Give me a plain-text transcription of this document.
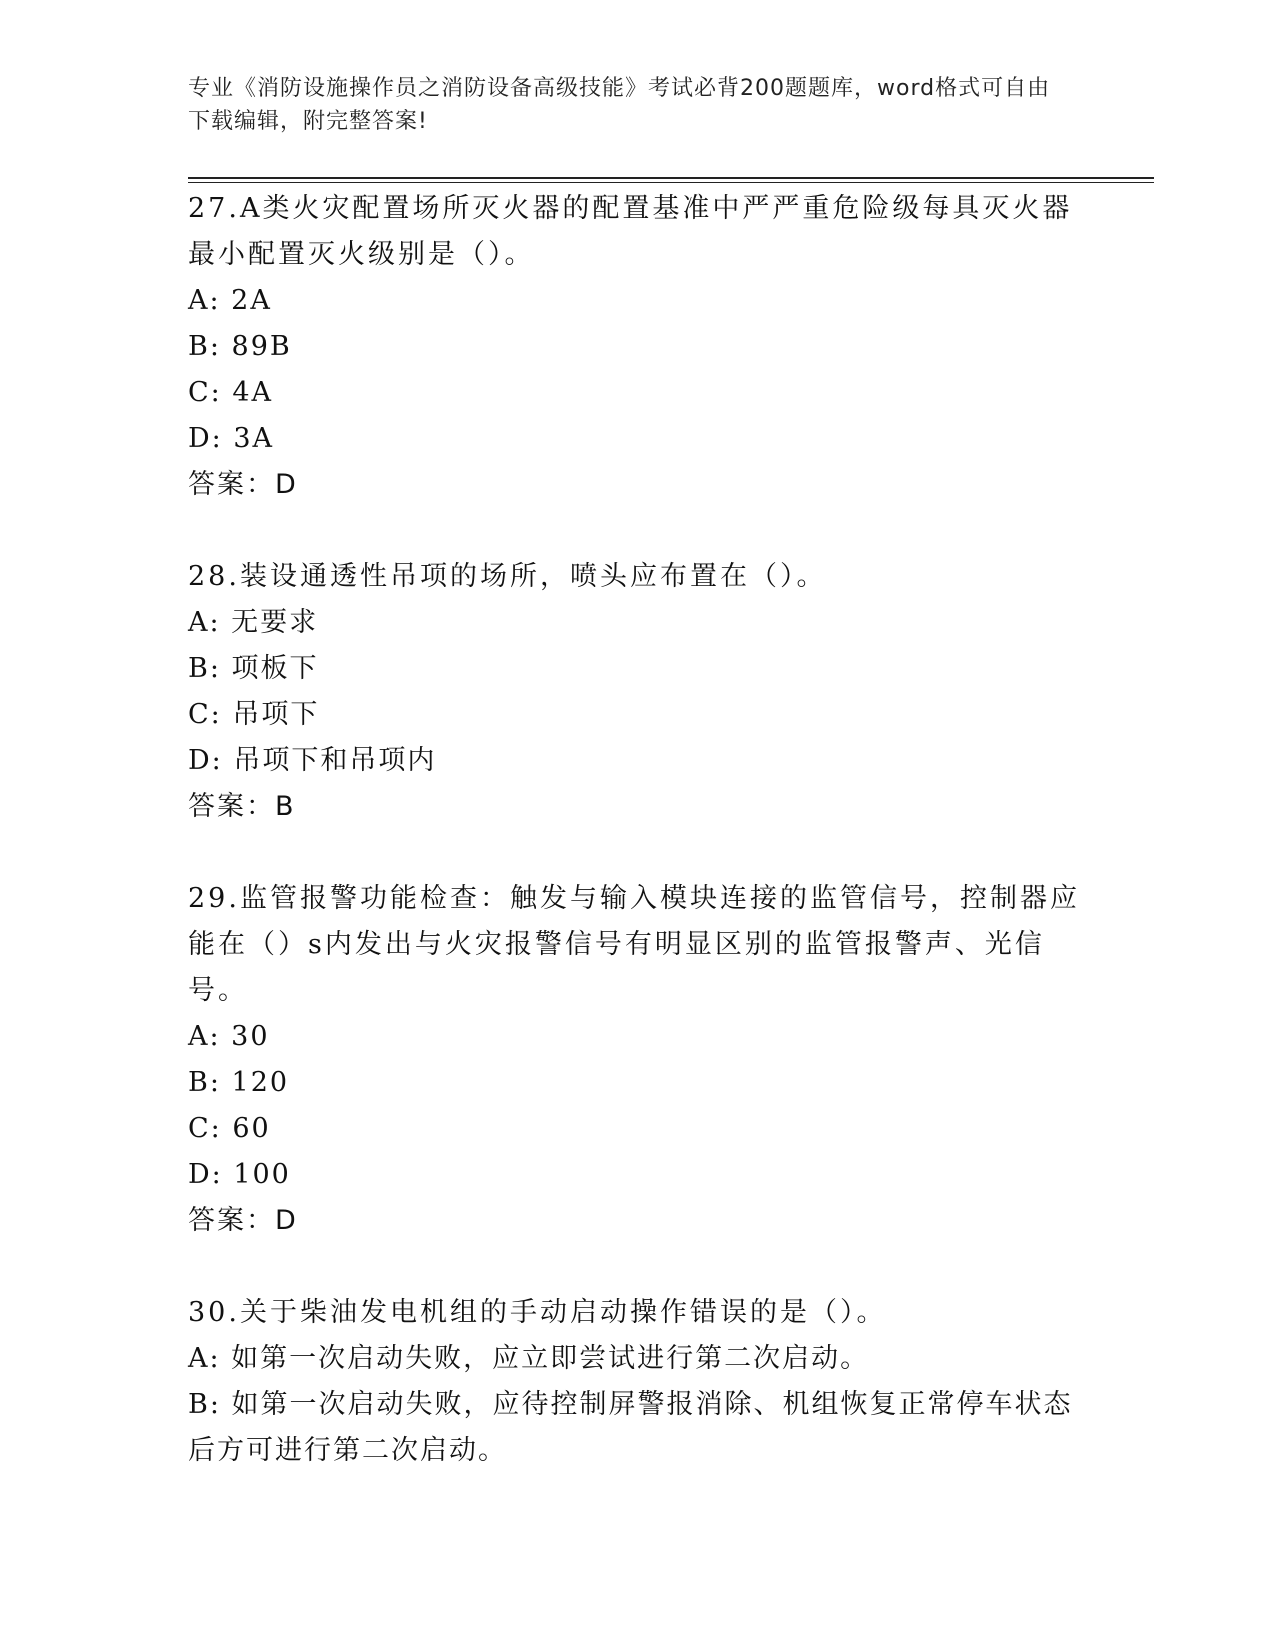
专业《消防设施操作员之消防设备高级技能》考试必背200题题库，word格式可自由下载编辑，附完整答案!

27.A类火灾配置场所灭火器的配置基准中严严重危险级每具灭火器最小配置灭火级别是（）。

A: 2A

B: 89B

C: 4A

D: 3A

答案：D

28.装设通透性吊项的场所，喷头应布置在（）。

A: 无要求

B: 项板下

C: 吊项下

D: 吊项下和吊项内

答案：B

29.监管报警功能检查：触发与输入模块连接的监管信号，控制器应能在（）s内发出与火灾报警信号有明显区别的监管报警声、光信号。

A: 30

B: 120

C: 60

D: 100

答案：D

30.关于柴油发电机组的手动启动操作错误的是（）。

A: 如第一次启动失败，应立即尝试进行第二次启动。

B: 如第一次启动失败，应待控制屏警报消除、机组恢复正常停车状态后方可进行第二次启动。
